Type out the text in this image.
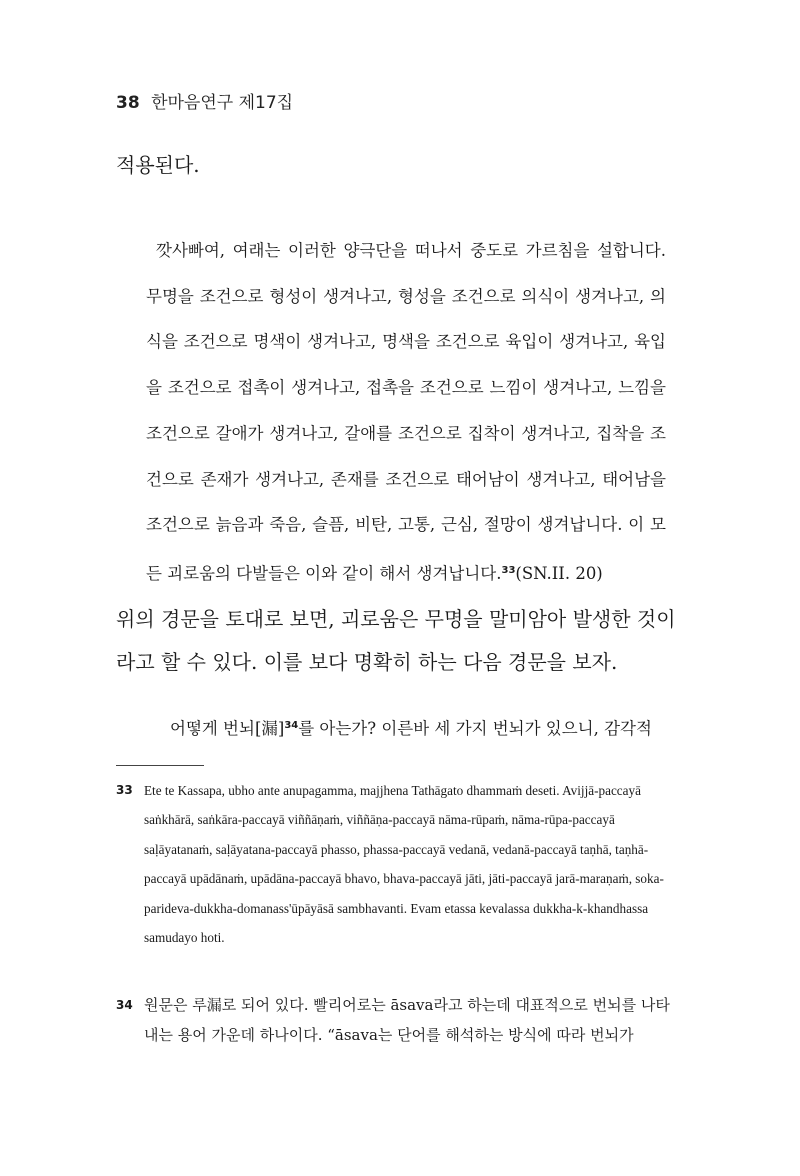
38 한마음연구 제17집

적용된다.

깟사빠여, 여래는 이러한 양극단을 떠나서 중도로 가르침을 설합니다. 무명을 조건으로 형성이 생겨나고, 형성을 조건으로 의식이 생겨나고, 의식을 조건으로 명색이 생겨나고, 명색을 조건으로 육입이 생겨나고, 육입을 조건으로 접촉이 생겨나고, 접촉을 조건으로 느낌이 생겨나고, 느낌을 조건으로 갈애가 생겨나고, 갈애를 조건으로 집착이 생겨나고, 집착을 조건으로 존재가 생겨나고, 존재를 조건으로 태어남이 생겨나고, 태어남을 조건으로 늙음과 죽음, 슬픔, 비탄, 고통, 근심, 절망이 생겨납니다. 이 모든 괴로움의 다발들은 이와 같이 해서 생겨납니다.$^{33}$(SN.II. 20)

위의 경문을 토대로 보면, 괴로움은 무명을 말미암아 발생한 것이라고 할 수 있다. 이를 보다 명확히 하는 다음 경문을 보자.

어떻게 번뇌[漏]$^{34}$를 아는가? 이른바 세 가지 번뇌가 있으니, 감각적

33 Ete te Kassapa, ubho ante anupagamma, majjhena Tathāgato dhammaṁ deseti. Avijjā-paccayā saṅkhārā, saṅkāra-paccayā viññāṇaṁ, viññāṇa-paccayā nāma-rūpaṁ, nāma-rūpa-paccayā saḷāyatanaṁ, saḷāyatana-paccayā phasso, phassa-paccayā vedanā, vedanā-paccayā taṇhā, taṇhā-paccayā upādānaṁ, upādāna-paccayā bhavo, bhava-paccayā jāti, jāti-paccayā jarā-maraṇaṁ, soka-parideva-dukkha-domanass'ūpāyāsā sambhavanti. Evam etassa kevalassa dukkha-k-khandhassa samudayo hoti.
34 원문은 루漏로 되어 있다. 빨리어로는 āsava라고 하는데 대표적으로 번뇌를 나타내는 용어 가운데 하나이다. “āsava는 단어를 해석하는 방식에 따라 번뇌가
